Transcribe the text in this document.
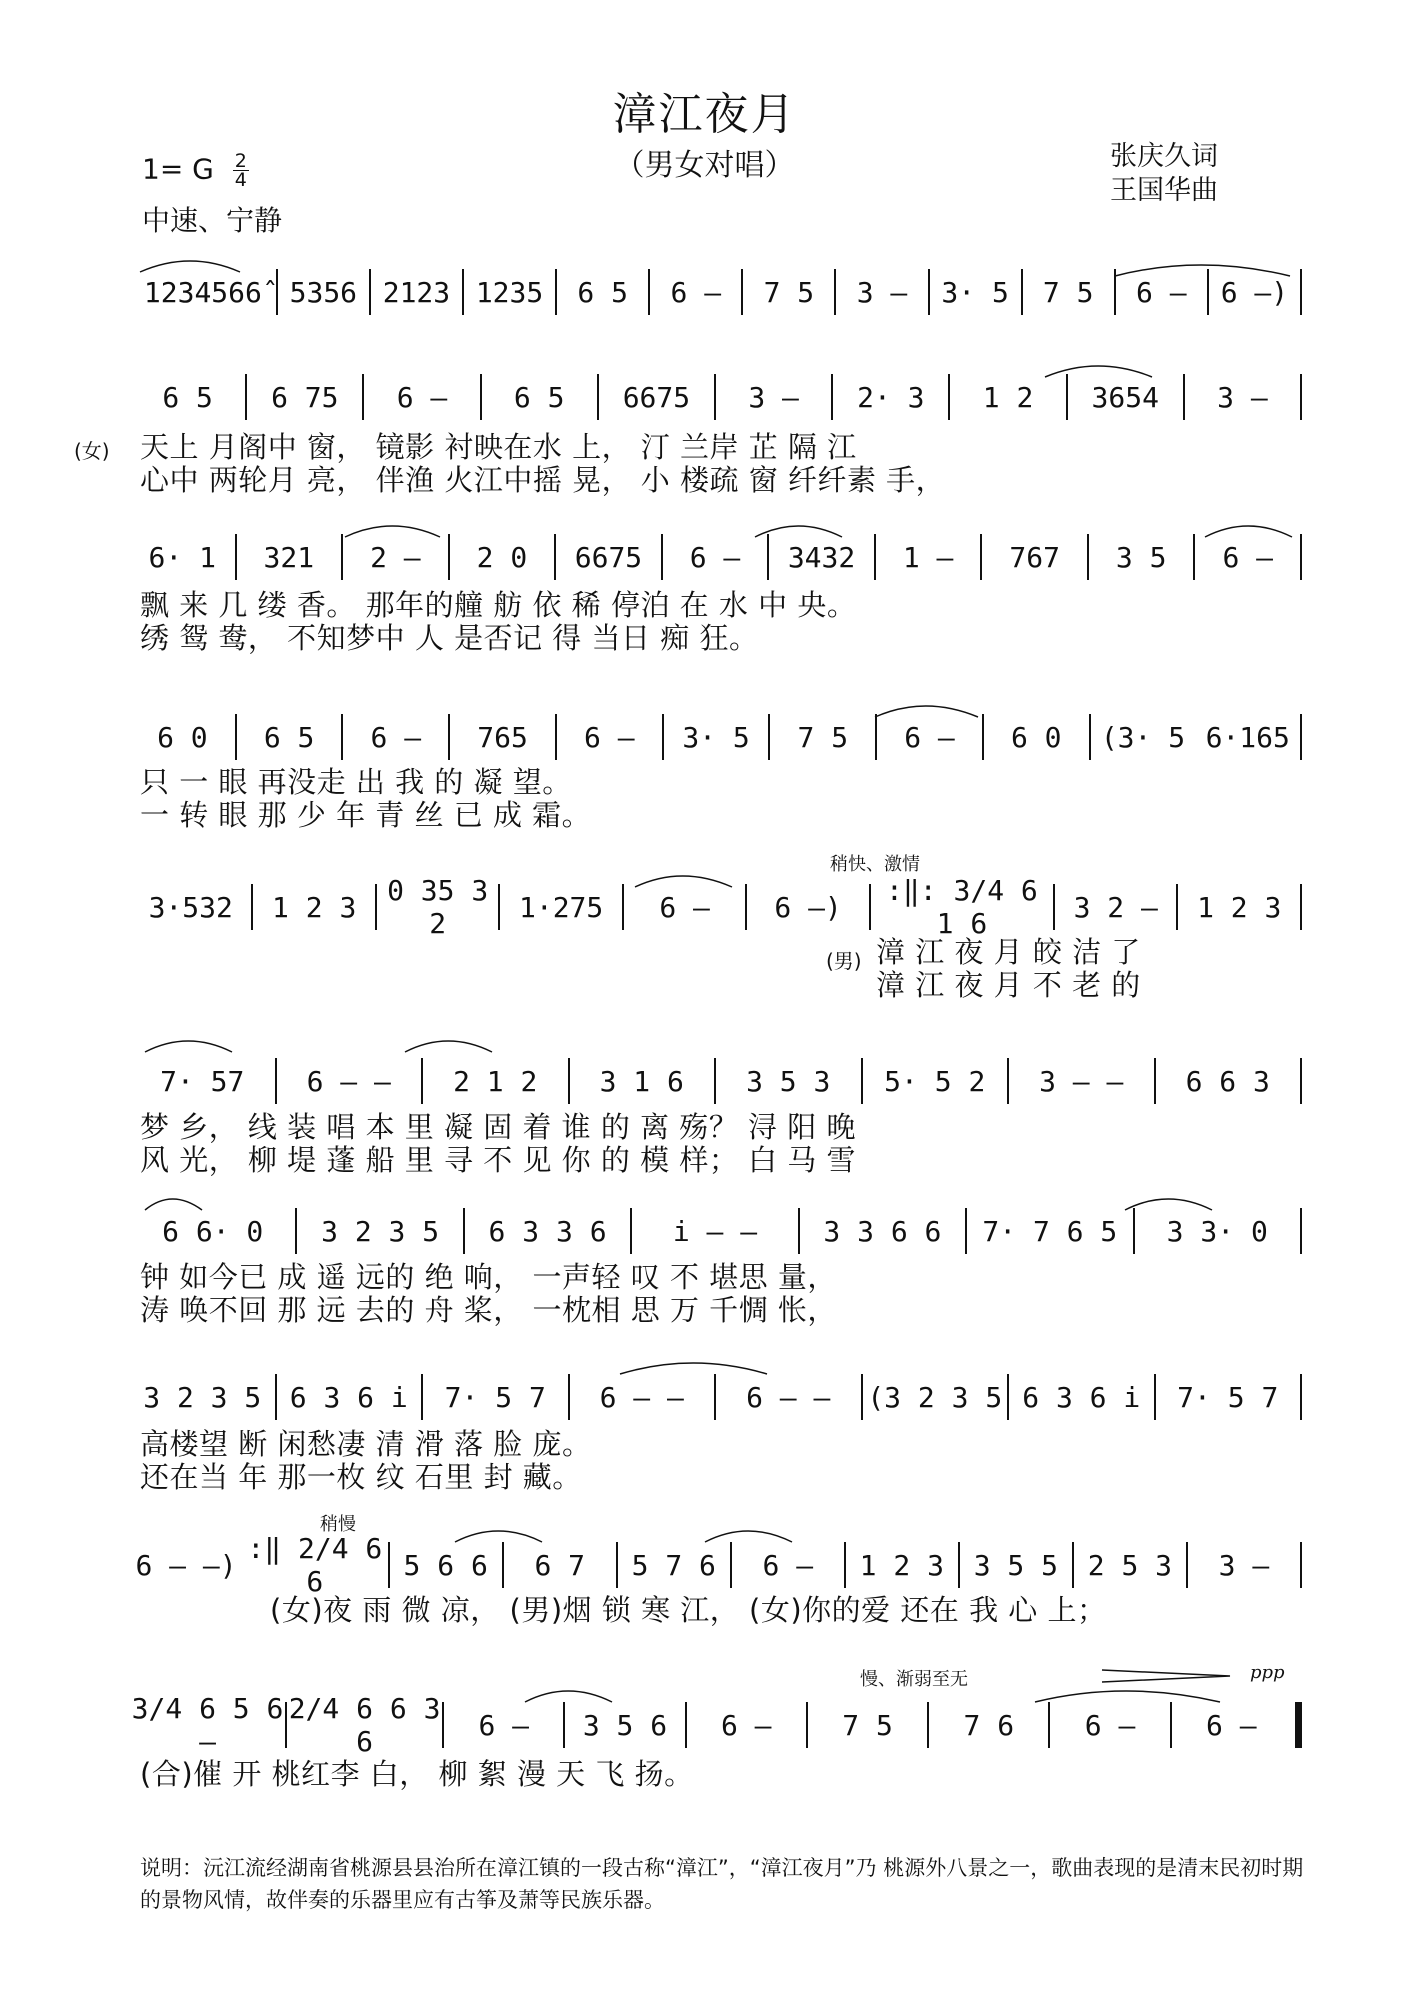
漳江夜月
（男女对唱）	张庆久词
王国华曲
1= G $\frac{2}{4}$
中速、宁静
1234566̂ 5356 2123 1235	6 5	6 —	7 5	3 —	3· 5	7 5	6 —	6 —)
6 5	6 75	6 —	6 5	6675	3 —	2· 3	1 2	3654	3 —
(女) 天上 月阁中 窗， 镜影 衬映在水 上， 汀 兰岸 芷 隔 江
心中 两轮月 亮， 伴渔 火江中摇 晃， 小 楼疏 窗 纤纤素 手，
6· 1	321	2 —	2 0	6675	6 —	3432	1 —	767	3 5	6 —
飘 来 几 缕 香。 那年的艟 舫 依 稀 停泊 在 水 中 央。
绣 鸳 鸯， 不知梦中 人 是否记 得 当日 痴 狂。
6 0	6 5	6 —	765	6 —	3· 5	7 5	6 —	6 0	(3· 5 6·165
只 一 眼 再没走 出 我 的 凝 望。
一 转 眼 那 少 年 青 丝 已 成 霜。
稍快、激情
3·532	1 2 3	0 35 3 2	1·275	6 —	6 —)	:‖: 3/4 6 1 6	3 2 —	1 2 3
(男) 漳 江 夜 月 皎 洁 了
漳 江 夜 月 不 老 的
7· 57	6 — —	2 1 2	3 1 6	3 5 3	5· 5 2	3 — —	6 6 3
梦 乡， 线 装 唱 本 里 凝 固 着 谁 的 离 殇？ 浔 阳 晚
风 光， 柳 堤 蓬 船 里 寻 不 见 你 的 模 样； 白 马 雪
6 6· 0	3 2 3 5	6 3 3 6	i — —	3 3 6 6	7· 7 6 5	3 3· 0
钟 如今已 成 遥 远的 绝 响， 一声轻 叹 不 堪思 量，
涛 唤不回 那 远 去的 舟 桨， 一枕相 思 万 千惆 怅，
3 2 3 5	6 3 6 i	7· 5 7	6 — —	6 — —	(3 2 3 5 6 3 6 i	7· 5 7
高楼望 断 闲愁凄 清 滑 落 脸 庞。
还在当 年 那一枚 纹 石里 封 藏。
稍慢
6 — —) :‖ 2/4 6 6	5 6 6	6 7	5 7 6	6 —	1 2 3	3 5 5	2 5 3	3 —
(女)夜 雨 微 凉， (男)烟 锁 寒 江， (女)你的爱 还在 我 心 上；
慢、渐弱至无	ppp
3/4 6 5 6 —
2/4 6 6 3 6	6 —	3 5 6	6 —	7 5	7 6	6 —	6 —
(合)催 开 桃红李 白， 柳 絮 漫 天 飞 扬。
说明：沅江流经湖南省桃源县县治所在漳江镇的一段古称“漳江”，“漳江夜月”乃 桃源外八景之一，歌曲表现的是清末民初时期的景物风情，故伴奏的乐器里应有古筝及萧等民族乐器。
